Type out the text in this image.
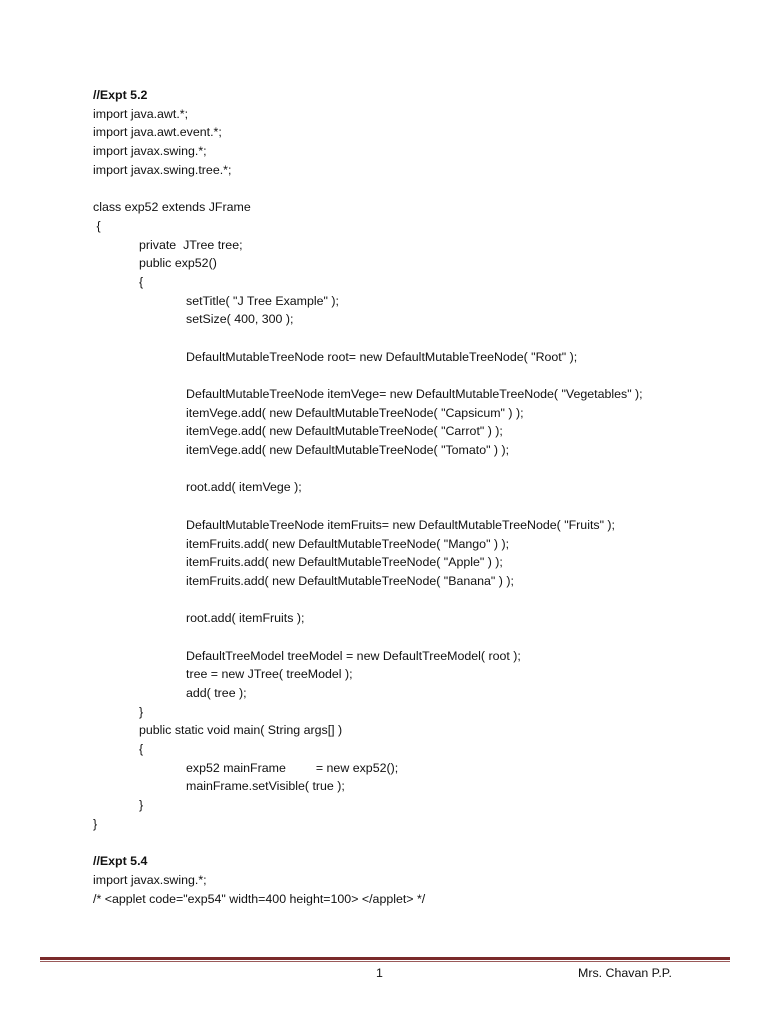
//Expt 5.2
import java.awt.*;
import java.awt.event.*;
import javax.swing.*;
import javax.swing.tree.*;
class exp52 extends JFrame
{
private  JTree tree;
public exp52()
{
setTitle( "J Tree Example" );
setSize( 400, 300 );
DefaultMutableTreeNode root= new DefaultMutableTreeNode( "Root" );
DefaultMutableTreeNode itemVege= new DefaultMutableTreeNode( "Vegetables" );
itemVege.add( new DefaultMutableTreeNode( "Capsicum" ) );
itemVege.add( new DefaultMutableTreeNode( "Carrot" ) );
itemVege.add( new DefaultMutableTreeNode( "Tomato" ) );
root.add( itemVege );
DefaultMutableTreeNode itemFruits= new DefaultMutableTreeNode( "Fruits" );
itemFruits.add( new DefaultMutableTreeNode( "Mango" ) );
itemFruits.add( new DefaultMutableTreeNode( "Apple" ) );
itemFruits.add( new DefaultMutableTreeNode( "Banana" ) );
root.add( itemFruits );
DefaultTreeModel treeModel = new DefaultTreeModel( root );
tree = new JTree( treeModel );
add( tree );
}
public static void main( String args[] )
{
exp52 mainFrame = new exp52();
mainFrame.setVisible( true );
}
}
//Expt 5.4
import javax.swing.*;
/* <applet code="exp54" width=400 height=100> </applet> */
1	Mrs. Chavan P.P.
